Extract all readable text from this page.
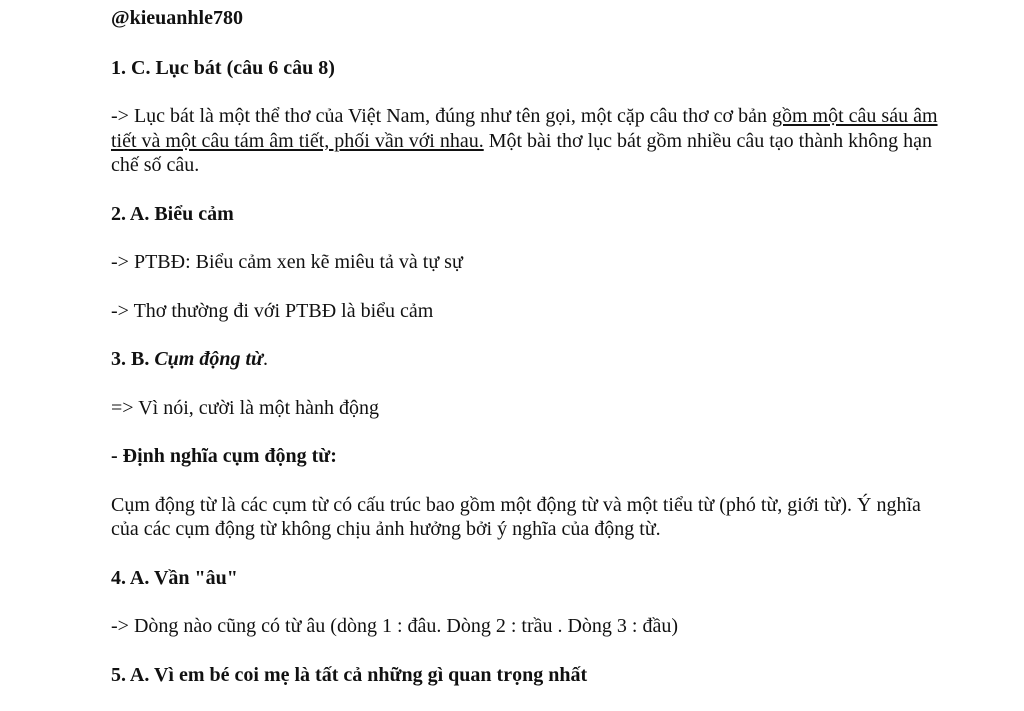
@kieuanhle780

1. C. Lục bát (câu 6 câu 8)

-> Lục bát là một thể thơ của Việt Nam, đúng như tên gọi, một cặp câu thơ cơ bản gồm một câu sáu âm tiết và một câu tám âm tiết, phối vần với nhau. Một bài thơ lục bát gồm nhiều câu tạo thành không hạn chế số câu.

2. A. Biểu cảm

-> PTBĐ: Biểu cảm xen kẽ miêu tả và tự sự

-> Thơ thường đi với PTBĐ là biểu cảm

3. B. Cụm động từ.

=> Vì nói, cười là một hành động

- Định nghĩa cụm động từ:

Cụm động từ là các cụm từ có cấu trúc bao gồm một động từ và một tiểu từ (phó từ, giới từ). Ý nghĩa của các cụm động từ không chịu ảnh hưởng bởi ý nghĩa của động từ.

4. A. Vần "âu"

-> Dòng nào cũng có từ âu (dòng 1 : đâu. Dòng 2 : trầu . Dòng 3 : đầu)

5. A. Vì em bé coi mẹ là tất cả những gì quan trọng nhất
